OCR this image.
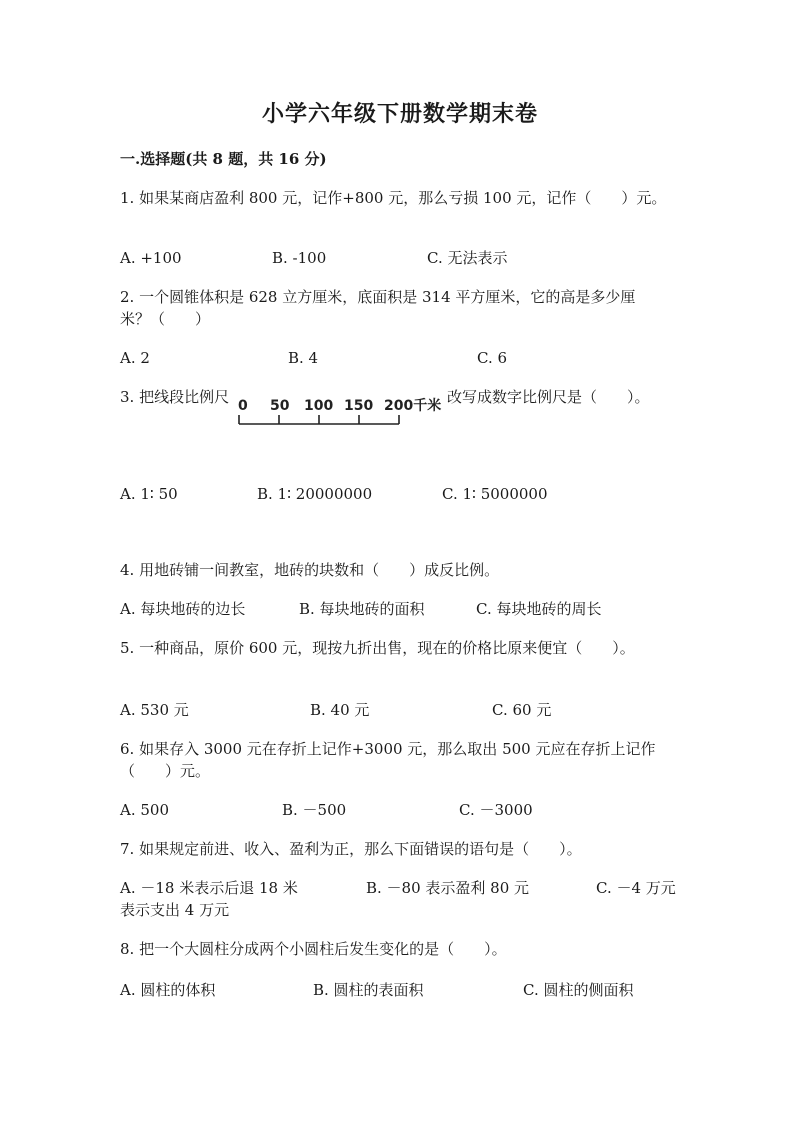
小学六年级下册数学期末卷
一.选择题(共 8 题，共 16 分)
1. 如果某商店盈利 800 元，记作+800 元，那么亏损 100 元，记作（　　）元。
A. +100	B. -100	C. 无法表示
2. 一个圆锥体积是 628 立方厘米，底面积是 314 平方厘米，它的高是多少厘米？（　　）
A. 2	B. 4	C. 6
3. 把线段比例尺 0 50 100 150 200千米 改写成数字比例尺是（　　）。
A. 1∶ 50	B. 1∶ 20000000	C. 1∶ 5000000
4. 用地砖铺一间教室，地砖的块数和（　　）成反比例。
A. 每块地砖的边长	B. 每块地砖的面积	C. 每块地砖的周长
5. 一种商品，原价 600 元，现按九折出售，现在的价格比原来便宜（　　）。
A. 530 元	B. 40 元	C. 60 元
6. 如果存入 3000 元在存折上记作+3000 元，那么取出 500 元应在存折上记作（　　）元。
A. 500	B. －500	C. －3000
7. 如果规定前进、收入、盈利为正，那么下面错误的语句是（　　）。
A. －18 米表示后退 18 米	B. －80 表示盈利 80 元	C. －4 万元
表示支出 4 万元
8. 把一个大圆柱分成两个小圆柱后发生变化的是（　　）。
A. 圆柱的体积	B. 圆柱的表面积	C. 圆柱的侧面积
